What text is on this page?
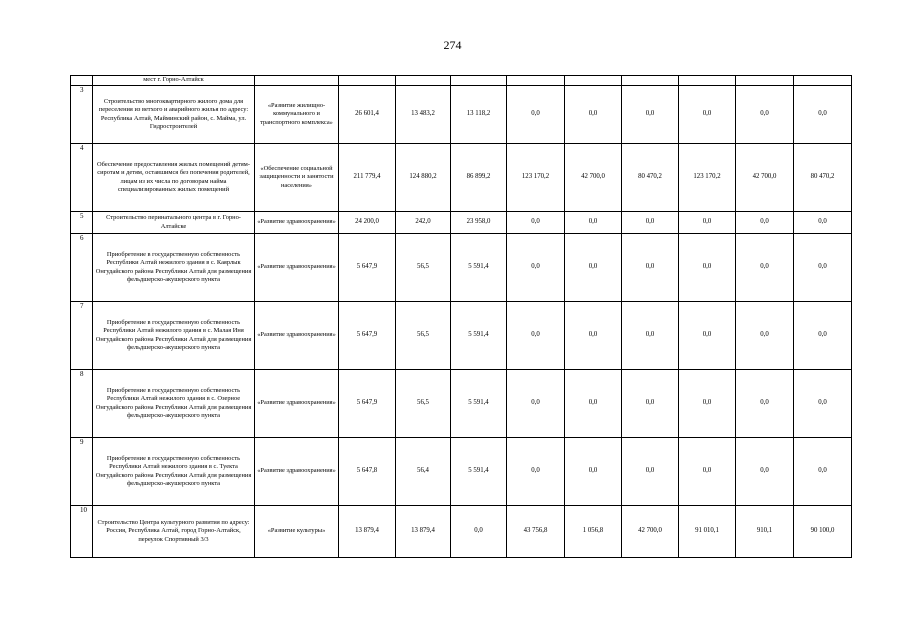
274
	мест г. Горно-Алтайск										
3	Строительство многоквартирного жилого дома для переселения из ветхого и аварийного жилья по адресу: Республика Алтай, Майминский район, с. Майма, ул. Гидростроителей	«Развитие жилищно-коммунального и транспортного комплекса»	26 601,4	13 483,2	13 118,2	0,0	0,0	0,0	0,0	0,0	0,0
4	Обеспечение предоставления жилых помещений детям-сиротам и детям, оставшимся без попечения родителей, лицам из их числа по договорам найма специализированных жилых помещений	«Обеспечение социальной защищенности и занятости населения»	211 779,4	124 880,2	86 899,2	123 170,2	42 700,0	80 470,2	123 170,2	42 700,0	80 470,2
5	Строительство перинатального центра в г. Горно-Алтайске	«Развитие здравоохранения»	24 200,0	242,0	23 958,0	0,0	0,0	0,0	0,0	0,0	0,0
6	Приобретение в государственную собственность Республики Алтай нежилого здания в с. Каярлык Онгудайского района Республики Алтай для размещения фельдшерско-акушерского пункта	«Развитие здравоохранения»	5 647,9	56,5	5 591,4	0,0	0,0	0,0	0,0	0,0	0,0
7	Приобретение в государственную собственность Республики Алтай нежилого здания в с. Малая Иня Онгудайского района Республики Алтай для размещения фельдшерско-акушерского пункта	«Развитие здравоохранения»	5 647,9	56,5	5 591,4	0,0	0,0	0,0	0,0	0,0	0,0
8	Приобретение в государственную собственность Республики Алтай нежилого здания в с. Озерное Онгудайского района Республики Алтай для размещения фельдшерско-акушерского пункта	«Развитие здравоохранения»	5 647,9	56,5	5 591,4	0,0	0,0	0,0	0,0	0,0	0,0
9	Приобретение в государственную собственность Республики Алтай нежилого здания в с. Туекта Онгудайского района Республики Алтай для размещения фельдшерско-акушерского пункта	«Развитие здравоохранения»	5 647,8	56,4	5 591,4	0,0	0,0	0,0	0,0	0,0	0,0
10	Строительство Центра культурного развития по адресу: Россия, Республика Алтай, город Горно-Алтайск, переулок Спортивный 3/3	«Развитие культуры»	13 879,4	13 879,4	0,0	43 756,8	1 056,8	42 700,0	91 010,1	910,1	90 100,0
